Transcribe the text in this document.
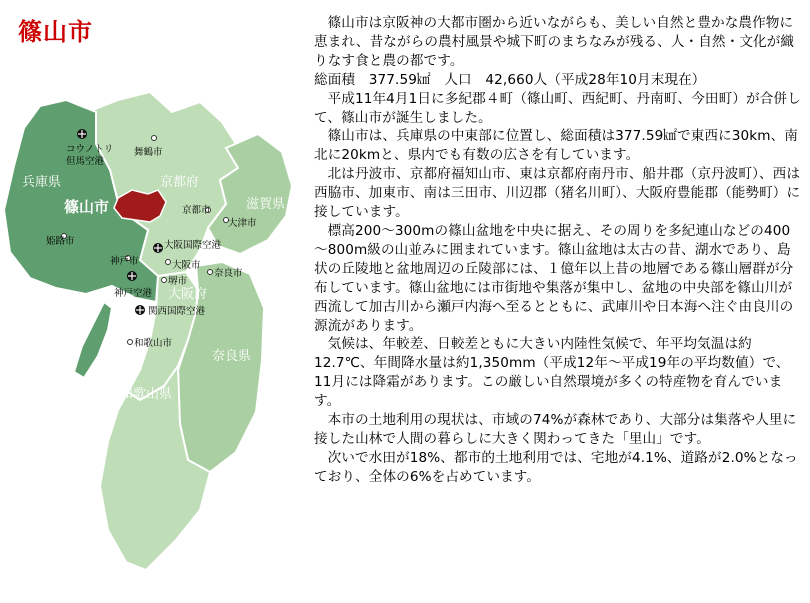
篠山市
兵庫県	京都府
滋賀県
大阪府
奈良県
和歌山県
篠山市
コウノトリ
但馬空港
大阪国際空港
神戸空港
関西国際空港
舞鶴市
京都市
大津市
姫路市
神戸市	大阪市
堺市
奈良市
和歌山市

篠山市は京阪神の大都市圏から近いながらも、美しい自然と豊かな農作物に恵まれ、昔ながらの農村風景や城下町のまちなみが残る、人・自然・文化が織りなす食と農の都です。

総面積　377.59㎢　人口　42,660人（平成28年10月末現在）

平成11年4月1日に多紀郡４町（篠山町、西紀町、丹南町、今田町）が合併して、篠山市が誕生しました。

篠山市は、兵庫県の中東部に位置し、総面積は377.59㎢で東西に30km、南北に20kmと、県内でも有数の広さを有しています。

北は丹波市、京都府福知山市、東は京都府南丹市、船井郡（京丹波町）、西は西脇市、加東市、南は三田市、川辺郡（猪名川町）、大阪府豊能郡（能勢町）に接しています。

標高200～300mの篠山盆地を中央に据え、その周りを多紀連山などの400～800m級の山並みに囲まれています。篠山盆地は太古の昔、湖水であり、島状の丘陵地と盆地周辺の丘陵部には、１億年以上昔の地層である篠山層群が分布しています。篠山盆地には市街地や集落が集中し、盆地の中央部を篠山川が西流して加古川から瀬戸内海へ至るとともに、武庫川や日本海へ注ぐ由良川の源流があります。

気候は、年較差、日較差ともに大きい内陸性気候で、年平均気温は約12.7℃、年間降水量は約1,350mm（平成12年～平成19年の平均数値）で、11月には降霜があります。この厳しい自然環境が多くの特産物を育んでいます。

本市の土地利用の現状は、市域の74%が森林であり、大部分は集落や人里に接した山林で人間の暮らしに大きく関わってきた「里山」です。

次いで水田が18%、都市的土地利用では、宅地が4.1%、道路が2.0%となっており、全体の6%を占めています。
